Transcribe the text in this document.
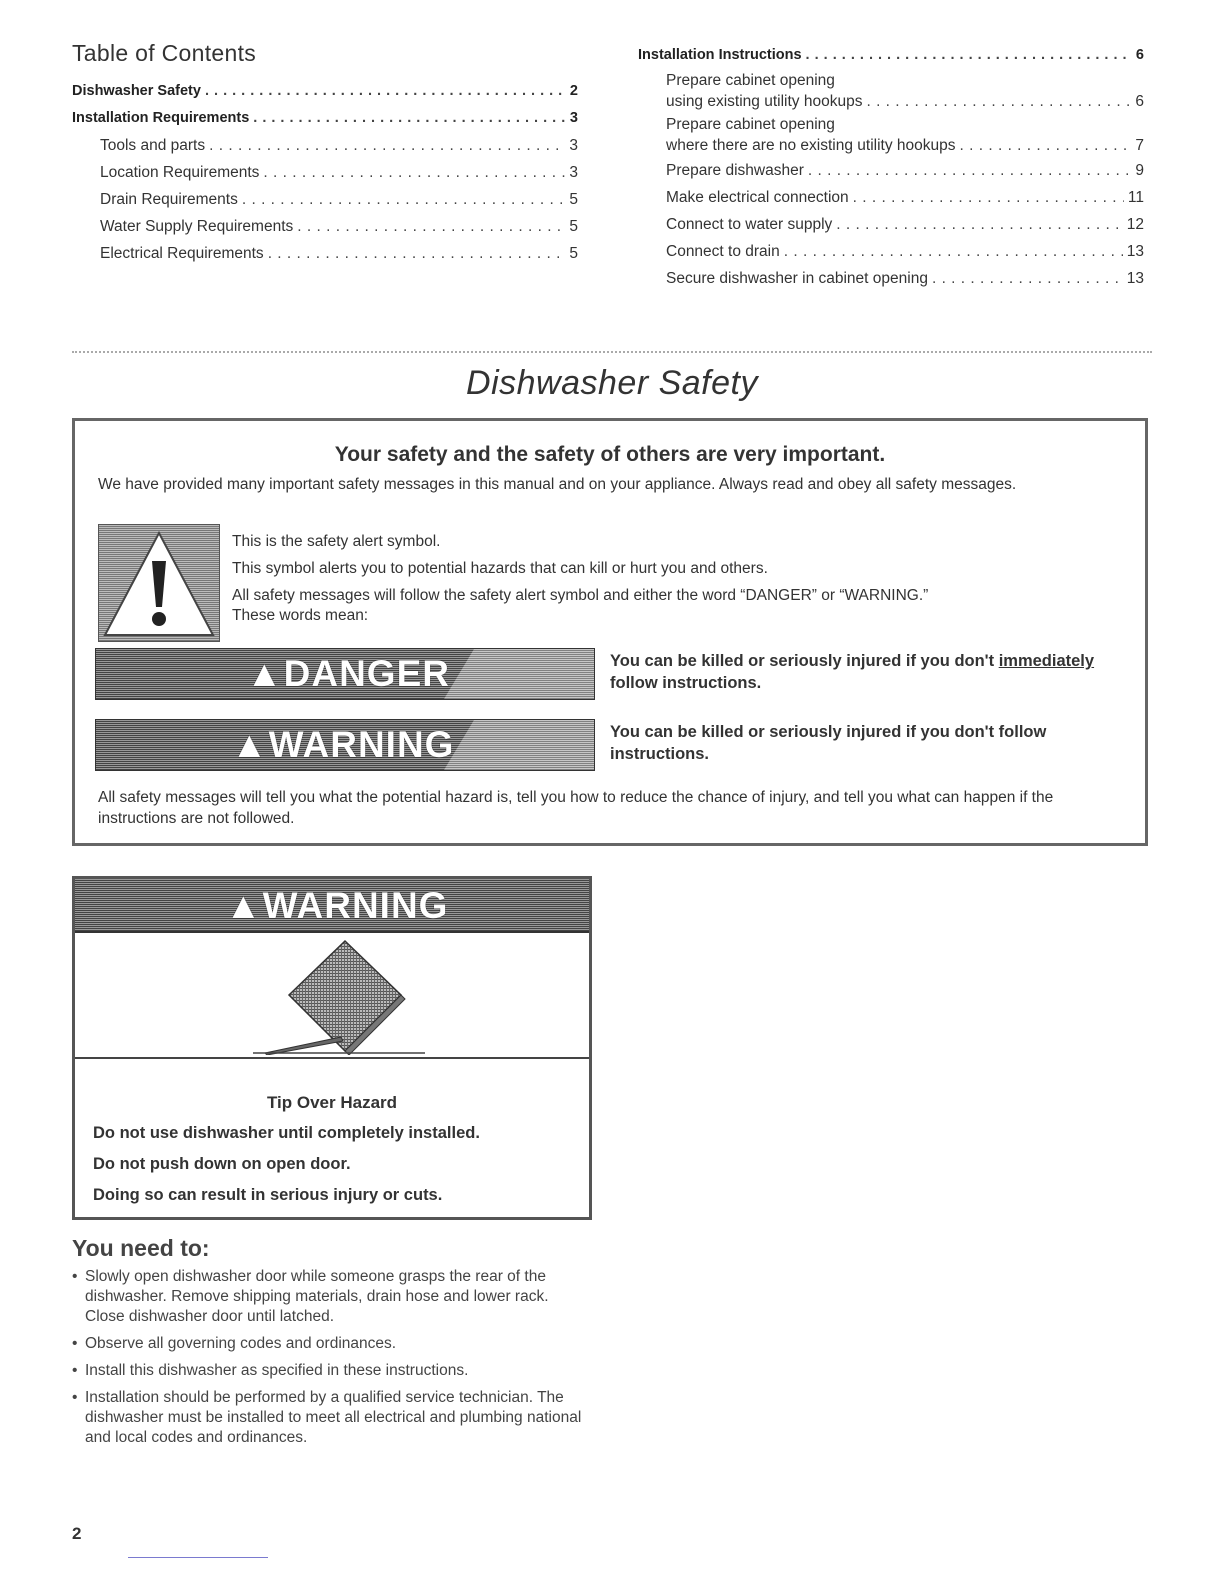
Table of Contents
Dishwasher Safety . . .	2
Installation Requirements . . .	3
Tools and parts . . .	3
Location Requirements . . .	3
Drain Requirements . . .	5
Water Supply Requirements . . .	5
Electrical Requirements . . .	5
Installation Instructions . . .	6
Prepare cabinet opening
using existing utility hookups . . .	6
Prepare cabinet opening
where there are no existing utility hookups . . .	7
Prepare dishwasher . . .	9
Make electrical connection . . .	11
Connect to water supply . . .	12
Connect to drain . . .	13
Secure dishwasher in cabinet opening . . .	13
Dishwasher Safety
Your safety and the safety of others are very important.

We have provided many important safety messages in this manual and on your appliance. Always read and obey all safety messages.

This is the safety alert symbol.

This symbol alerts you to potential hazards that can kill or hurt you and others.

All safety messages will follow the safety alert symbol and either the word “DANGER” or “WARNING.”

These words mean:

▲DANGER	You can be killed or seriously injured if you don't immediately
follow instructions.

▲WARNING	You can be killed or seriously injured if you don't follow instructions.

All safety messages will tell you what the potential hazard is, tell you how to reduce the chance of injury, and tell you what can happen if the instructions are not followed.

▲WARNING

Tip Over Hazard

Do not use dishwasher until completely installed.

Do not push down on open door.

Doing so can result in serious injury or cuts.

You need to:
• Slowly open dishwasher door while someone grasps the rear of the dishwasher. Remove shipping materials, drain hose and lower rack. Close dishwasher door until latched.
• Observe all governing codes and ordinances.
• Install this dishwasher as specified in these instructions.
• Installation should be performed by a qualified service technician. The dishwasher must be installed to meet all electrical and plumbing national and local codes and ordinances.

2
